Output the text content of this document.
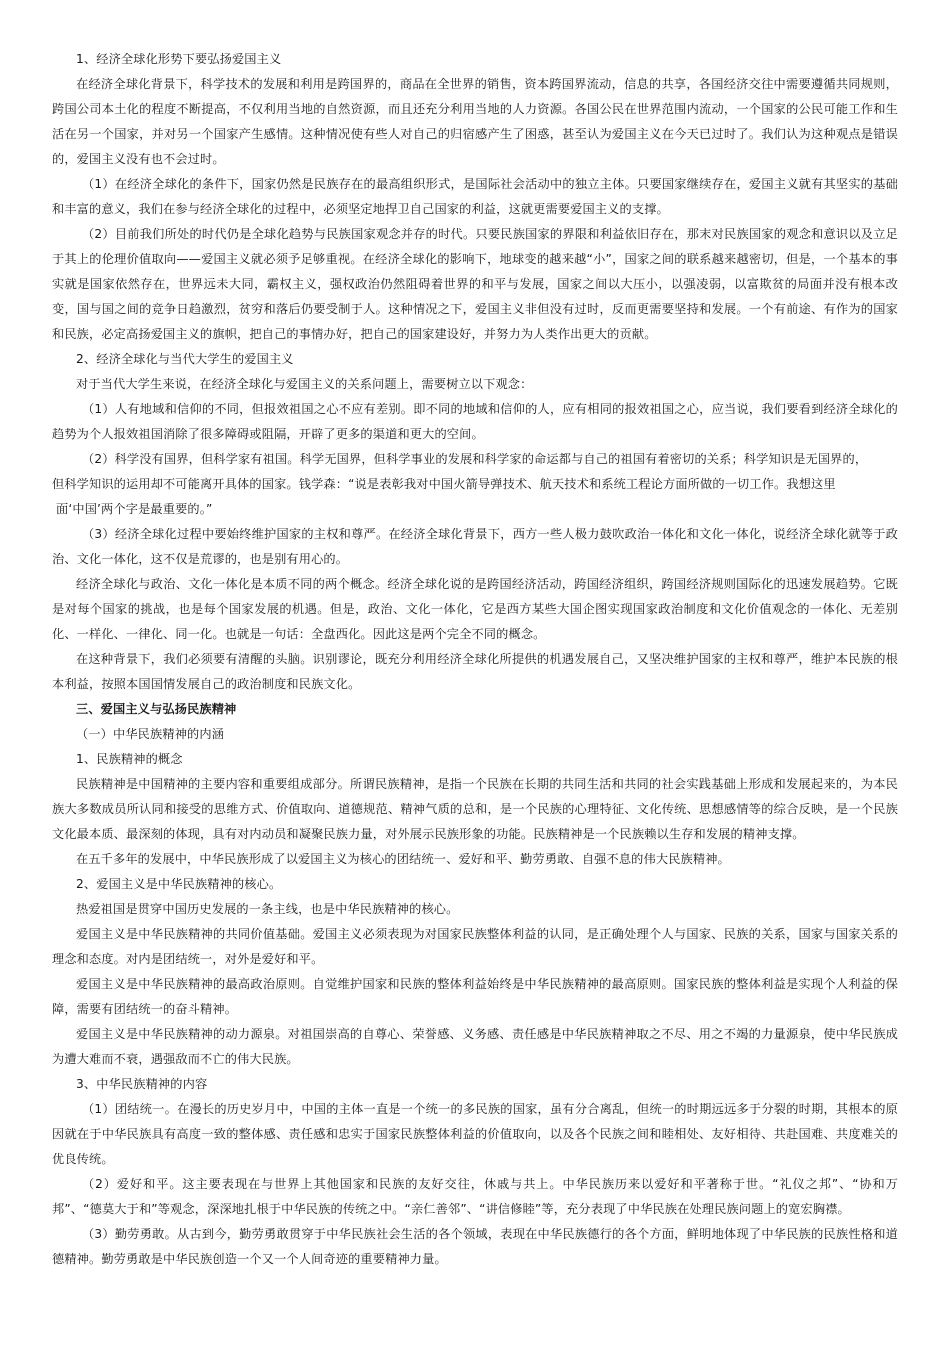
1、经济全球化形势下要弘扬爱国主义

在经济全球化背景下，科学技术的发展和利用是跨国界的，商品在全世界的销售，资本跨国界流动，信息的共享，各国经济交往中需要遵循共同规则，跨国公司本土化的程度不断提高，不仅利用当地的自然资源，而且还充分利用当地的人力资源。各国公民在世界范围内流动，一个国家的公民可能工作和生活在另一个国家，并对另一个国家产生感情。这种情况使有些人对自己的归宿感产生了困惑，甚至认为爱国主义在今天已过时了。我们认为这种观点是错误的，爱国主义没有也不会过时。

（1）在经济全球化的条件下，国家仍然是民族存在的最高组织形式，是国际社会活动中的独立主体。只要国家继续存在，爱国主义就有其坚实的基础和丰富的意义，我们在参与经济全球化的过程中，必须坚定地捍卫自己国家的利益，这就更需要爱国主义的支撑。

（2）目前我们所处的时代仍是全球化趋势与民族国家观念并存的时代。只要民族国家的界限和利益依旧存在，那末对民族国家的观念和意识以及立足于其上的伦理价值取向——爱国主义就必须予足够重视。在经济全球化的影响下，地球变的越来越“小”，国家之间的联系越来越密切，但是，一个基本的事实就是国家依然存在，世界远未大同，霸权主义，强权政治仍然阻碍着世界的和平与发展，国家之间以大压小，以强凌弱，以富欺贫的局面并没有根本改变，国与国之间的竞争日趋激烈，贫穷和落后仍要受制于人。这种情况之下，爱国主义非但没有过时，反而更需要坚持和发展。一个有前途、有作为的国家和民族，必定高扬爱国主义的旗帜，把自己的事情办好，把自己的国家建设好，并努力为人类作出更大的贡献。

2、经济全球化与当代大学生的爱国主义

对于当代大学生来说，在经济全球化与爱国主义的关系问题上，需要树立以下观念：

（1）人有地域和信仰的不同，但报效祖国之心不应有差别。即不同的地域和信仰的人，应有相同的报效祖国之心，应当说，我们要看到经济全球化的趋势为个人报效祖国消除了很多障碍或阻隔，开辟了更多的渠道和更大的空间。

（2）科学没有国界，但科学家有祖国。科学无国界，但科学事业的发展和科学家的命运都与自己的祖国有着密切的关系；科学知识是无国界的，
但科学知识的运用却不可能离开具体的国家。钱学森：“说是表彰我对中国火箭导弹技术、航天技术和系统工程论方面所做的一切工作。我想这里
面‘中国’两个字是最重要的。”

（3）经济全球化过程中要始终维护国家的主权和尊严。在经济全球化背景下，西方一些人极力鼓吹政治一体化和文化一体化，说经济全球化就等于政治、文化一体化，这不仅是荒谬的，也是别有用心的。

经济全球化与政治、文化一体化是本质不同的两个概念。经济全球化说的是跨国经济活动，跨国经济组织，跨国经济规则国际化的迅速发展趋势。它既是对每个国家的挑战，也是每个国家发展的机遇。但是，政治、文化一体化，它是西方某些大国企图实现国家政治制度和文化价值观念的一体化、无差别化、一样化、一律化、同一化。也就是一句话：全盘西化。因此这是两个完全不同的概念。

在这种背景下，我们必须要有清醒的头脑。识别谬论，既充分利用经济全球化所提供的机遇发展自己，又坚决维护国家的主权和尊严，维护本民族的根本利益，按照本国国情发展自己的政治制度和民族文化。

三、爱国主义与弘扬民族精神

（一）中华民族精神的内涵

1、民族精神的概念

民族精神是中国精神的主要内容和重要组成部分。所谓民族精神，是指一个民族在长期的共同生活和共同的社会实践基础上形成和发展起来的，为本民族大多数成员所认同和接受的思维方式、价值取向、道德规范、精神气质的总和，是一个民族的心理特征、文化传统、思想感情等的综合反映，是一个民族文化最本质、最深刻的体现，具有对内动员和凝聚民族力量，对外展示民族形象的功能。民族精神是一个民族赖以生存和发展的精神支撑。

在五千多年的发展中，中华民族形成了以爱国主义为核心的团结统一、爱好和平、勤劳勇敢、自强不息的伟大民族精神。

2、爱国主义是中华民族精神的核心。

热爱祖国是贯穿中国历史发展的一条主线，也是中华民族精神的核心。

爱国主义是中华民族精神的共同价值基础。爱国主义必须表现为对国家民族整体利益的认同，是正确处理个人与国家、民族的关系，国家与国家关系的理念和态度。对内是团结统一，对外是爱好和平。

爱国主义是中华民族精神的最高政治原则。自觉维护国家和民族的整体利益始终是中华民族精神的最高原则。国家民族的整体利益是实现个人利益的保障，需要有团结统一的奋斗精神。

爱国主义是中华民族精神的动力源泉。对祖国崇高的自尊心、荣誉感、义务感、责任感是中华民族精神取之不尽、用之不竭的力量源泉，使中华民族成为遭大难而不衰，遇强敌而不亡的伟大民族。

3、中华民族精神的内容

（1）团结统一。在漫长的历史岁月中，中国的主体一直是一个统一的多民族的国家，虽有分合离乱，但统一的时期远远多于分裂的时期，其根本的原因就在于中华民族具有高度一致的整体感、责任感和忠实于国家民族整体利益的价值取向，以及各个民族之间和睦相处、友好相待、共赴国难、共度难关的优良传统。

（2）爱好和平。这主要表现在与世界上其他国家和民族的友好交往，休戚与共上。中华民族历来以爱好和平著称于世。“礼仪之邦”、“协和万邦”、“德莫大于和”等观念，深深地扎根于中华民族的传统之中。“亲仁善邻”、“讲信修睦”等，充分表现了中华民族在处理民族问题上的宽宏胸襟。

（3）勤劳勇敢。从古到今，勤劳勇敢贯穿于中华民族社会生活的各个领域，表现在中华民族德行的各个方面，鲜明地体现了中华民族的民族性格和道德精神。勤劳勇敢是中华民族创造一个又一个人间奇迹的重要精神力量。
